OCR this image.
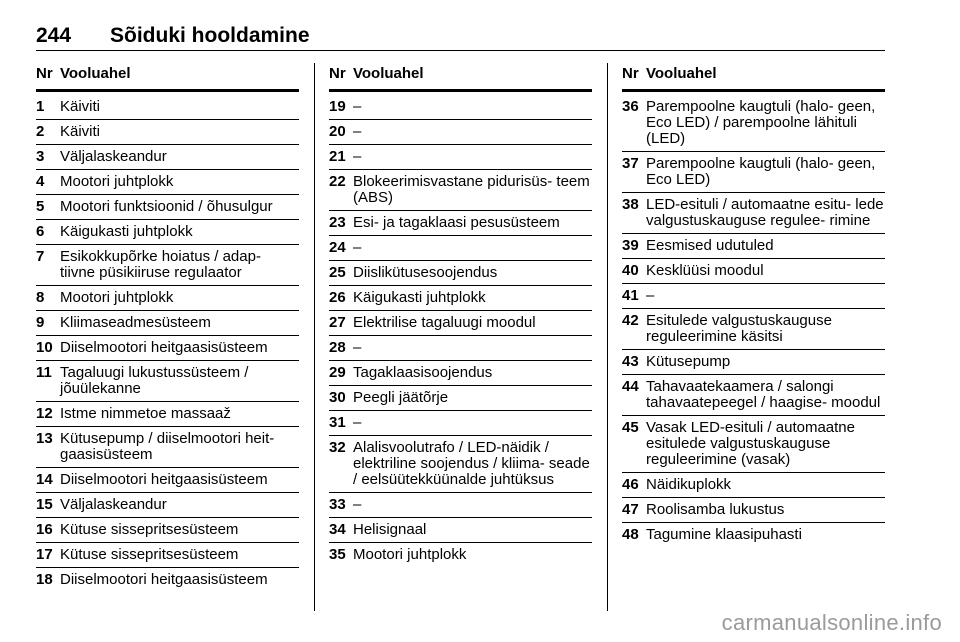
244 Sõiduki hooldamine
Nr Vooluahel
1	Käiviti
2	Käiviti
3	Väljalaskeandur
4	Mootori juhtplokk
5	Mootori funktsioonid / õhusulgur
6	Käigukasti juhtplokk
7	Esikokkupõrke hoiatus / adap- tiivne püsikiiruse regulaator
8	Mootori juhtplokk
9	Kliimaseadmesüsteem
10 Diiselmootori heitgaasisüsteem
11 Tagaluugi lukustussüsteem / jõuülekanne
12 Istme nimmetoe massaaž
13 Kütusepump / diiselmootori heit- gaasisüsteem
14 Diiselmootori heitgaasisüsteem
15 Väljalaskeandur
16 Kütuse sissepritsesüsteem
17 Kütuse sissepritsesüsteem
18 Diiselmootori heitgaasisüsteem
Nr Vooluahel
19 –
20 –
21 –
22 Blokeerimisvastane pidurisüs- teem (ABS)
23 Esi- ja tagaklaasi pesusüsteem
24 –
25 Diislikütusesoojendus
26 Käigukasti juhtplokk
27 Elektrilise tagaluugi moodul
28 –
29 Tagaklaasisoojendus
30 Peegli jäätõrje
31 –
32 Alalisvoolutrafo / LED-näidik / elektriline soojendus / kliima- seade / eelsüütekküünalde juhtüksus
33 –
34 Helisignaal
35 Mootori juhtplokk
Nr Vooluahel
36 Parempoolne kaugtuli (halo- geen, Eco LED) / parempoolne lähituli (LED)
37 Parempoolne kaugtuli (halo- geen, Eco LED)
38 LED-esituli / automaatne esitu- lede valgustuskauguse regulee- rimine
39 Eesmised udutuled
40 Kesklüüsi moodul
41 –
42 Esitulede valgustuskauguse reguleerimine käsitsi
43 Kütusepump
44 Tahavaatekaamera / salongi tahavaatepeegel / haagise- moodul
45 Vasak LED-esituli / automaatne esitulede valgustuskauguse reguleerimine (vasak)
46 Näidikuplokk
47 Roolisamba lukustus
48 Tagumine klaasipuhasti
carmanualsonline.info
